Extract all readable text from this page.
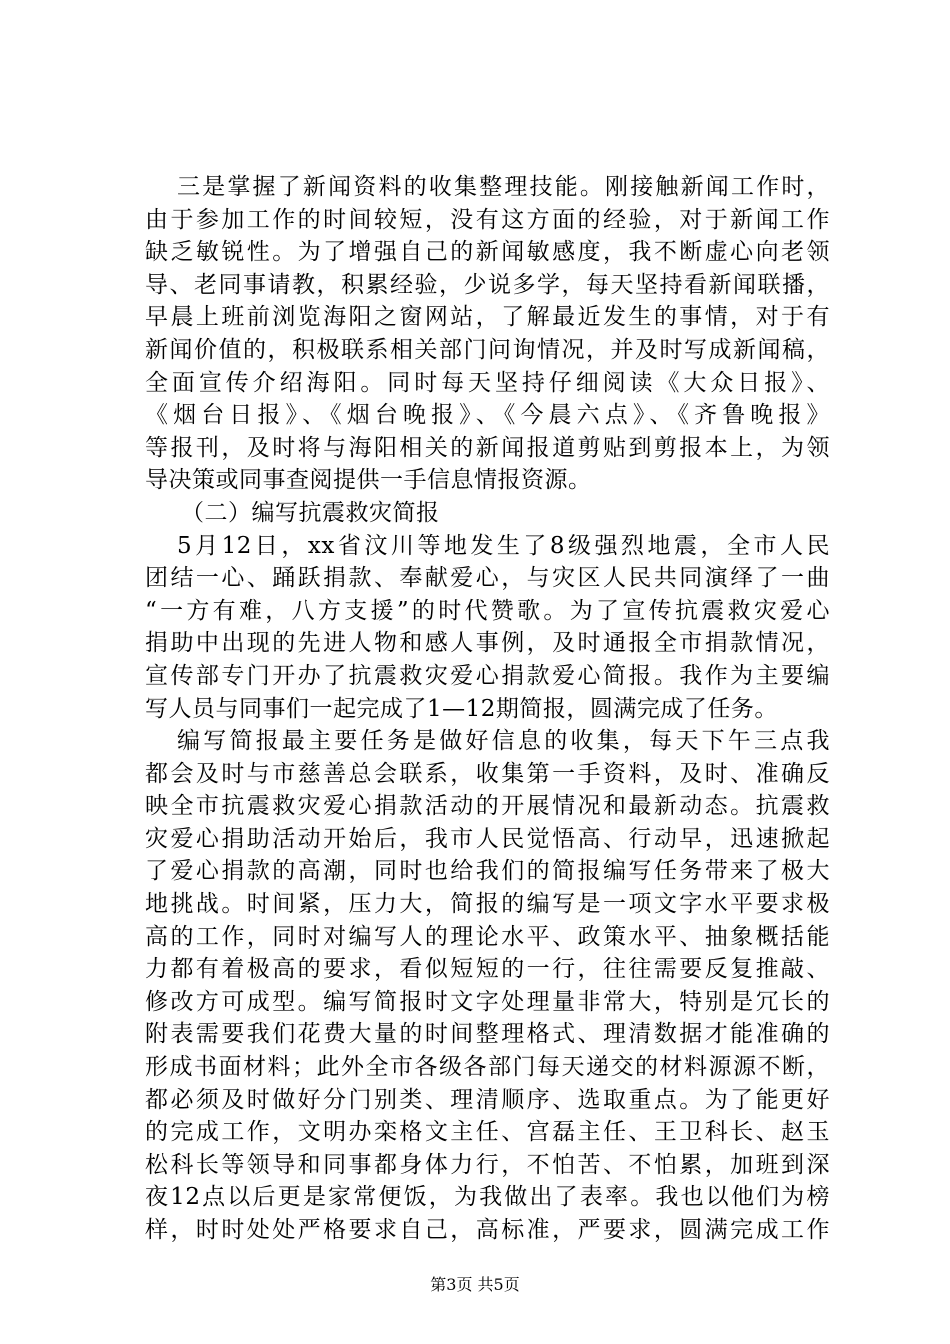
三是掌握了新闻资料的收集整理技能。刚接触新闻工作时，
由于参加工作的时间较短，没有这方面的经验，对于新闻工作
缺乏敏锐性。为了增强自己的新闻敏感度，我不断虚心向老领
导、老同事请教，积累经验，少说多学，每天坚持看新闻联播，
早晨上班前浏览海阳之窗网站，了解最近发生的事情，对于有
新闻价值的，积极联系相关部门问询情况，并及时写成新闻稿，
全面宣传介绍海阳。同时每天坚持仔细阅读《大众日报》、
《烟台日报》、《烟台晚报》、《今晨六点》、《齐鲁晚报》
等报刊，及时将与海阳相关的新闻报道剪贴到剪报本上，为领
导决策或同事查阅提供一手信息情报资源。
（二）编写抗震救灾简报
5月12日，xx省汶川等地发生了8级强烈地震，全市人民
团结一心、踊跃捐款、奉献爱心，与灾区人民共同演绎了一曲
“一方有难，八方支援”的时代赞歌。为了宣传抗震救灾爱心
捐助中出现的先进人物和感人事例，及时通报全市捐款情况，
宣传部专门开办了抗震救灾爱心捐款爱心简报。我作为主要编
写人员与同事们一起完成了1—12期简报，圆满完成了任务。
编写简报最主要任务是做好信息的收集，每天下午三点我
都会及时与市慈善总会联系，收集第一手资料，及时、准确反
映全市抗震救灾爱心捐款活动的开展情况和最新动态。抗震救
灾爱心捐助活动开始后，我市人民觉悟高、行动早，迅速掀起
了爱心捐款的高潮，同时也给我们的简报编写任务带来了极大
地挑战。时间紧，压力大，简报的编写是一项文字水平要求极
高的工作，同时对编写人的理论水平、政策水平、抽象概括能
力都有着极高的要求，看似短短的一行，往往需要反复推敲、
修改方可成型。编写简报时文字处理量非常大，特别是冗长的
附表需要我们花费大量的时间整理格式、理清数据才能准确的
形成书面材料；此外全市各级各部门每天递交的材料源源不断，
都必须及时做好分门别类、理清顺序、选取重点。为了能更好
的完成工作，文明办栾格文主任、宫磊主任、王卫科长、赵玉
松科长等领导和同事都身体力行，不怕苦、不怕累，加班到深
夜12点以后更是家常便饭，为我做出了表率。我也以他们为榜
样，时时处处严格要求自己，高标准，严要求，圆满完成工作
第3页 共5页
